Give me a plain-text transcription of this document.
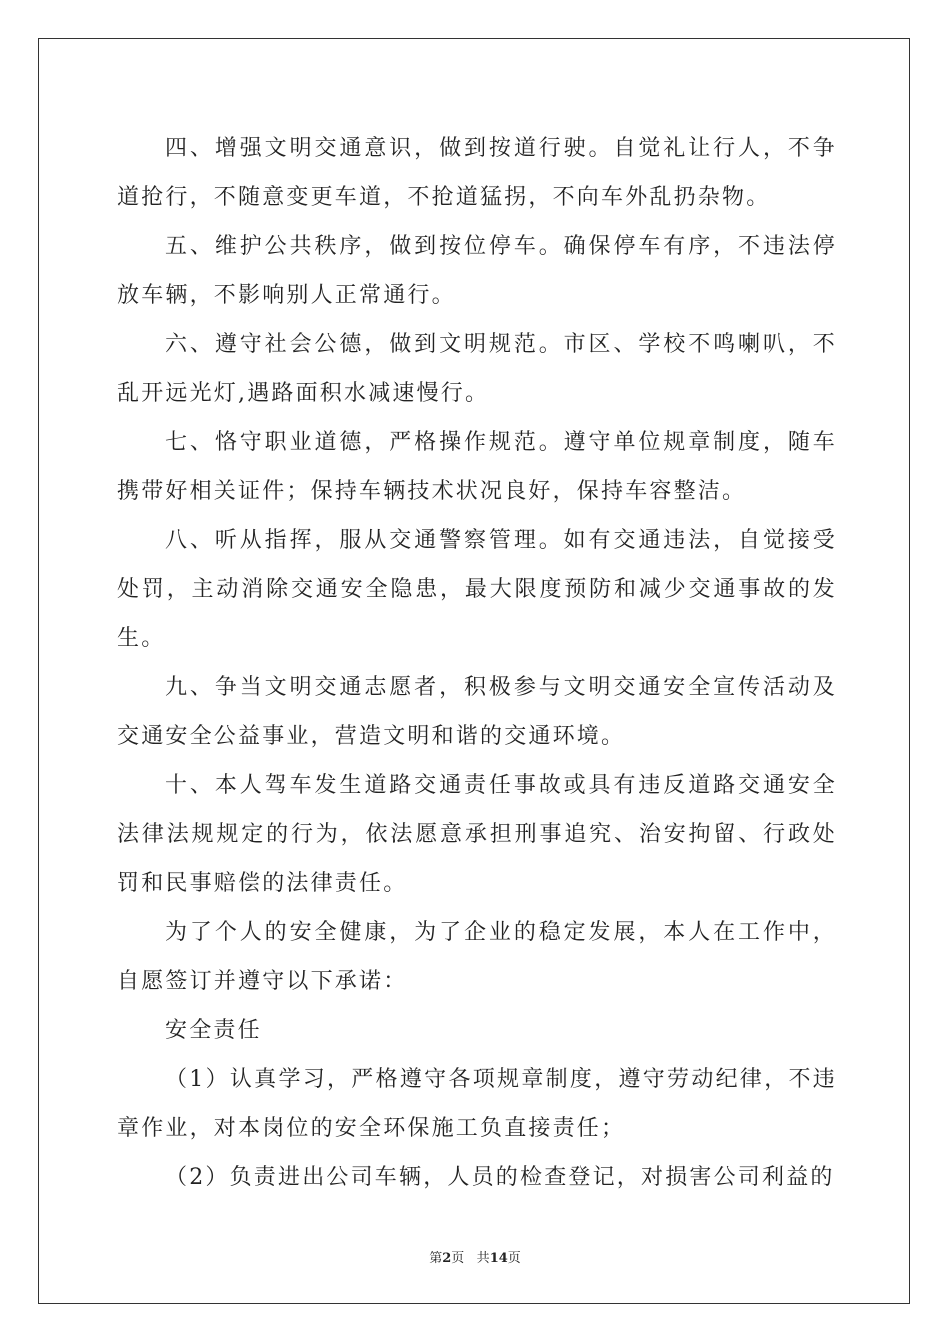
四、增强文明交通意识，做到按道行驶。自觉礼让行人，不争道抢行，不随意变更车道，不抢道猛拐，不向车外乱扔杂物。

五、维护公共秩序，做到按位停车。确保停车有序，不违法停放车辆，不影响别人正常通行。

六、遵守社会公德，做到文明规范。市区、学校不鸣喇叭，不乱开远光灯,遇路面积水减速慢行。

七、恪守职业道德，严格操作规范。遵守单位规章制度，随车携带好相关证件；保持车辆技术状况良好，保持车容整洁。

八、听从指挥，服从交通警察管理。如有交通违法，自觉接受处罚，主动消除交通安全隐患，最大限度预防和减少交通事故的发生。

九、争当文明交通志愿者，积极参与文明交通安全宣传活动及交通安全公益事业，营造文明和谐的交通环境。

十、本人驾车发生道路交通责任事故或具有违反道路交通安全法律法规规定的行为，依法愿意承担刑事追究、治安拘留、行政处罚和民事赔偿的法律责任。

为了个人的安全健康，为了企业的稳定发展，本人在工作中，自愿签订并遵守以下承诺：

安全责任

（1）认真学习，严格遵守各项规章制度，遵守劳动纪律，不违章作业，对本岗位的安全环保施工负直接责任；

（2）负责进出公司车辆，人员的检查登记，对损害公司利益的

第2页 共14页
